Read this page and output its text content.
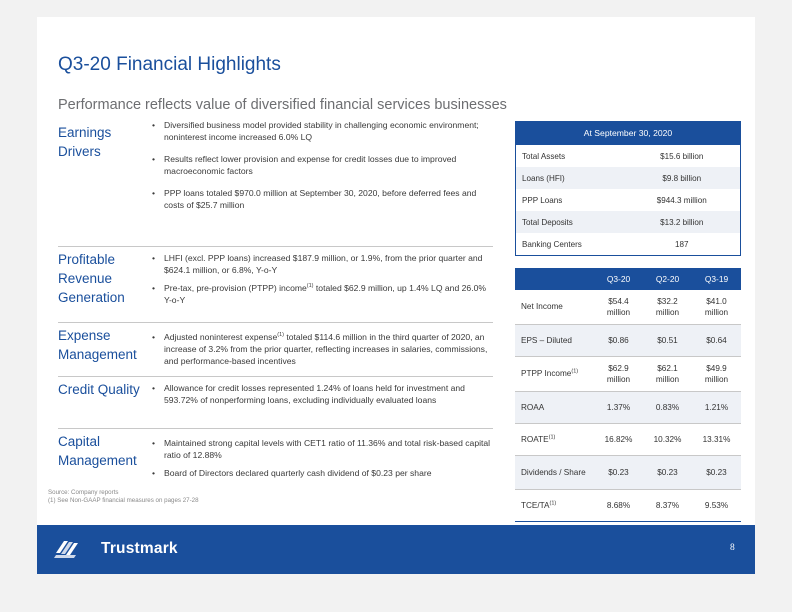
Q3-20 Financial Highlights
Performance reflects value of diversified financial services businesses
Earnings Drivers
• Diversified business model provided stability in challenging economic environment; noninterest income increased 6.0% LQ
• Results reflect lower provision and expense for credit losses due to improved macroeconomic factors
• PPP loans totaled $970.0 million at September 30, 2020, before deferred fees and costs of $25.7 million
Profitable Revenue Generation
• LHFI (excl. PPP loans) increased $187.9 million, or 1.9%, from the prior quarter and $624.1 million, or 6.8%, Y-o-Y
• Pre-tax, pre-provision (PTPP) income$^{(1)}$ totaled $62.9 million, up 1.4% LQ and 26.0% Y-o-Y
Expense Management
• Adjusted noninterest expense$^{(1)}$ totaled $114.6 million in the third quarter of 2020, an increase of 3.2% from the prior quarter, reflecting increases in salaries, commissions, and performance-based incentives
Credit Quality	• Allowance for credit losses represented 1.24% of loans held for investment and 593.72% of nonperforming loans, excluding individually evaluated loans
Capital Management
• Maintained strong capital levels with CET1 ratio of 11.36% and total risk-based capital ratio of 12.88%
• Board of Directors declared quarterly cash dividend of $0.23 per share
At September 30, 2020	
Total Assets	$15.6 billion
Loans (HFI)	$9.8 billion
PPP Loans	$944.3 million
Total Deposits	$13.2 billion
Banking Centers	187
	Q3-20	Q2-20	Q3-19
Net Income	$54.4 million	$32.2 million	$41.0 million
EPS – Diluted	$0.86	$0.51	$0.64
PTPP Income$^{(1)}$	$62.9 million	$62.1 million	$49.9 million
ROAA	1.37%	0.83%	1.21%
ROATE$^{(1)}$	16.82%	10.32%	13.31%
Dividends / Share	$0.23	$0.23	$0.23
TCE/TA$^{(1)}$	8.68%	8.37%	9.53%
Source: Company reports
(1) See Non-GAAP financial measures on pages 27-28
Trustmark	8
